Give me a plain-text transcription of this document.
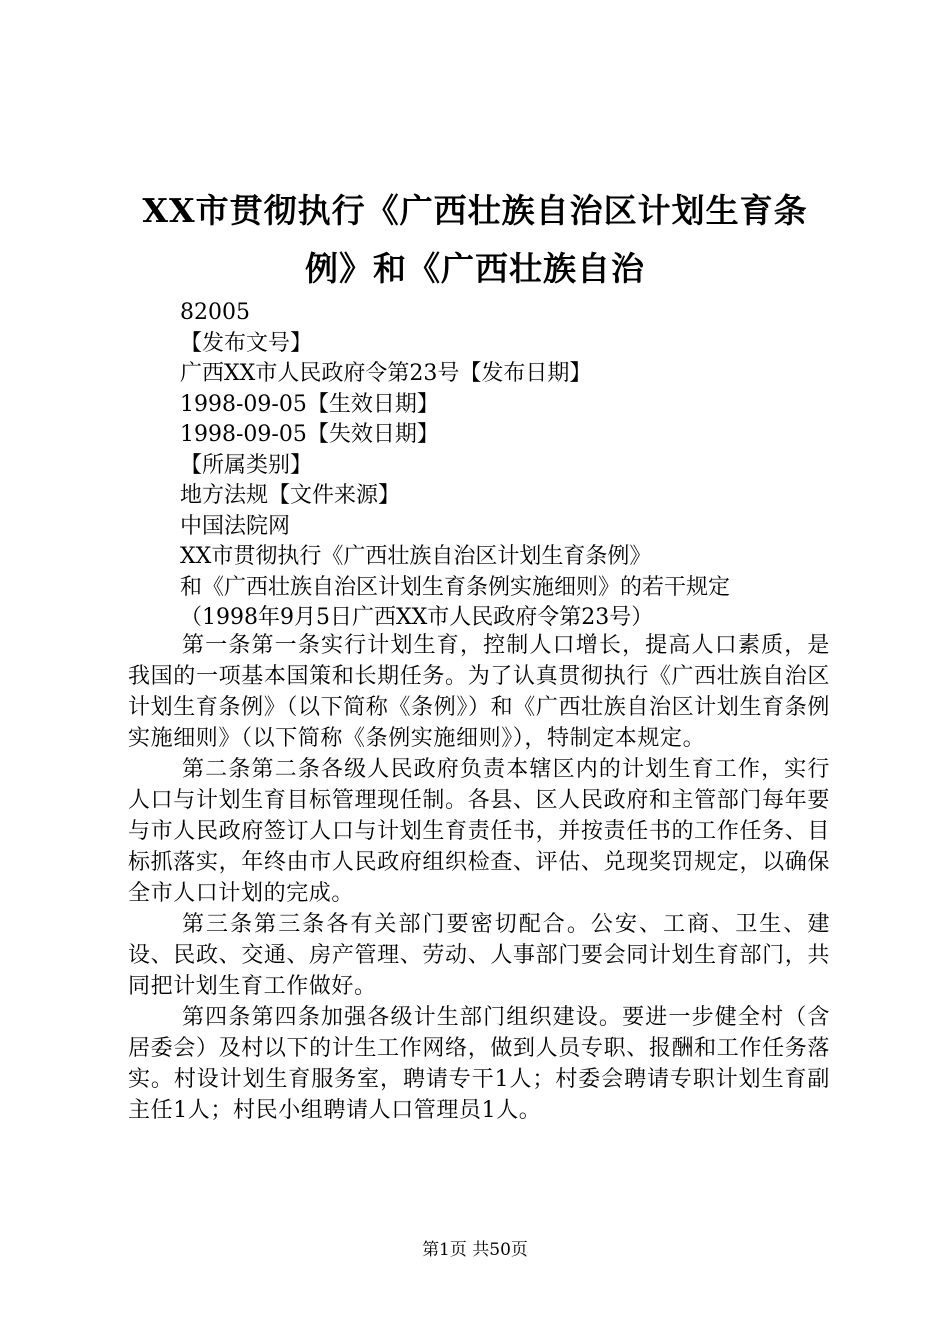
XX市贯彻执行《广西壮族自治区计划生育条例》和《广西壮族自治
82005
【发布文号】
广西XX市人民政府令第23号【发布日期】
1998-09-05【生效日期】
1998-09-05【失效日期】
【所属类别】
地方法规【文件来源】
中国法院网
XX市贯彻执行《广西壮族自治区计划生育条例》
和《广西壮族自治区计划生育条例实施细则》的若干规定
（1998年9月5日广西XX市人民政府令第23号）

第一条第一条实行计划生育，控制人口增长，提高人口素质，是我国的一项基本国策和长期任务。为了认真贯彻执行《广西壮族自治区计划生育条例》（以下简称《条例》）和《广西壮族自治区计划生育条例实施细则》（以下简称《条例实施细则》），特制定本规定。

第二条第二条各级人民政府负责本辖区内的计划生育工作，实行人口与计划生育目标管理现任制。各县、区人民政府和主管部门每年要与市人民政府签订人口与计划生育责任书，并按责任书的工作任务、目标抓落实，年终由市人民政府组织检查、评估、兑现奖罚规定，以确保全市人口计划的完成。

第三条第三条各有关部门要密切配合。公安、工商、卫生、建设、民政、交通、房产管理、劳动、人事部门要会同计划生育部门，共同把计划生育工作做好。

第四条第四条加强各级计生部门组织建设。要进一步健全村（含居委会）及村以下的计生工作网络，做到人员专职、报酬和工作任务落实。村设计划生育服务室，聘请专干1人；村委会聘请专职计划生育副主任1人；村民小组聘请人口管理员1人。

第1页 共50页
